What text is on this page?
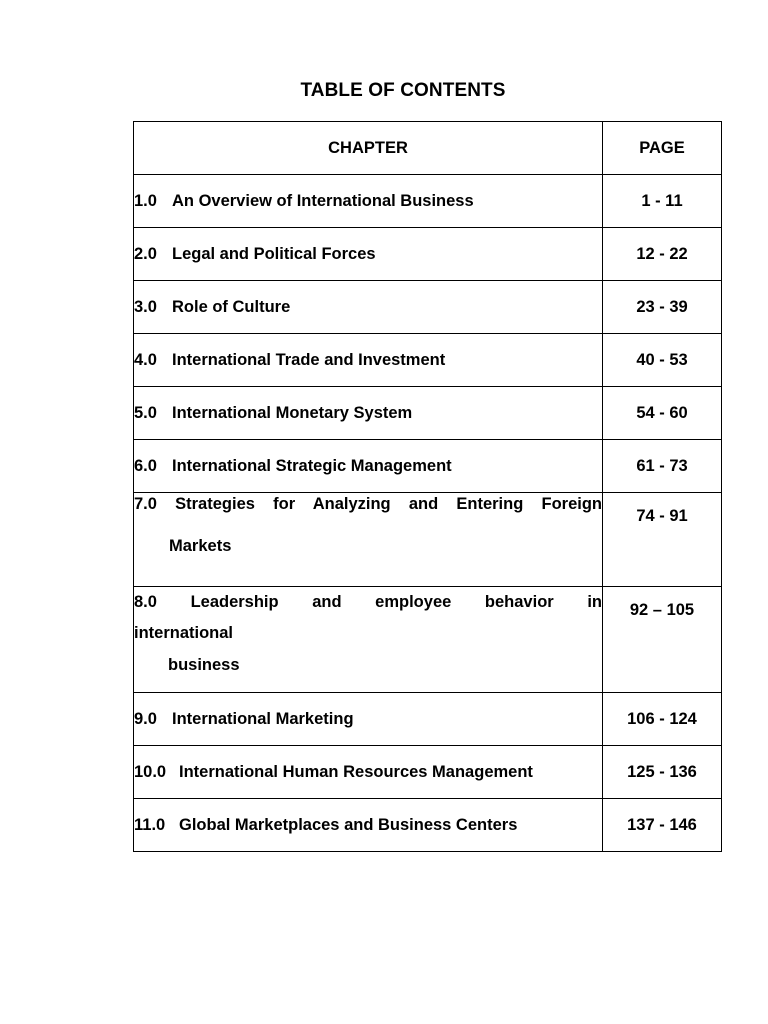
TABLE OF CONTENTS
CHAPTER	PAGE
1.0 An Overview of International Business	1 - 11
2.0 Legal and Political Forces	12 - 22
3.0 Role of Culture	23 - 39
4.0 International Trade and Investment	40 - 53
5.0 International Monetary System	54 - 60
6.0 International Strategic Management	61 - 73

7.0 Strategies for Analyzing and Entering Foreign
Markets	74 - 91

8.0 Leadership and employee behavior in
international
business	92 – 105
9.0 International Marketing	106 - 124
10.0 International Human Resources Management	125 - 136
11.0 Global Marketplaces and Business Centers	137 - 146
